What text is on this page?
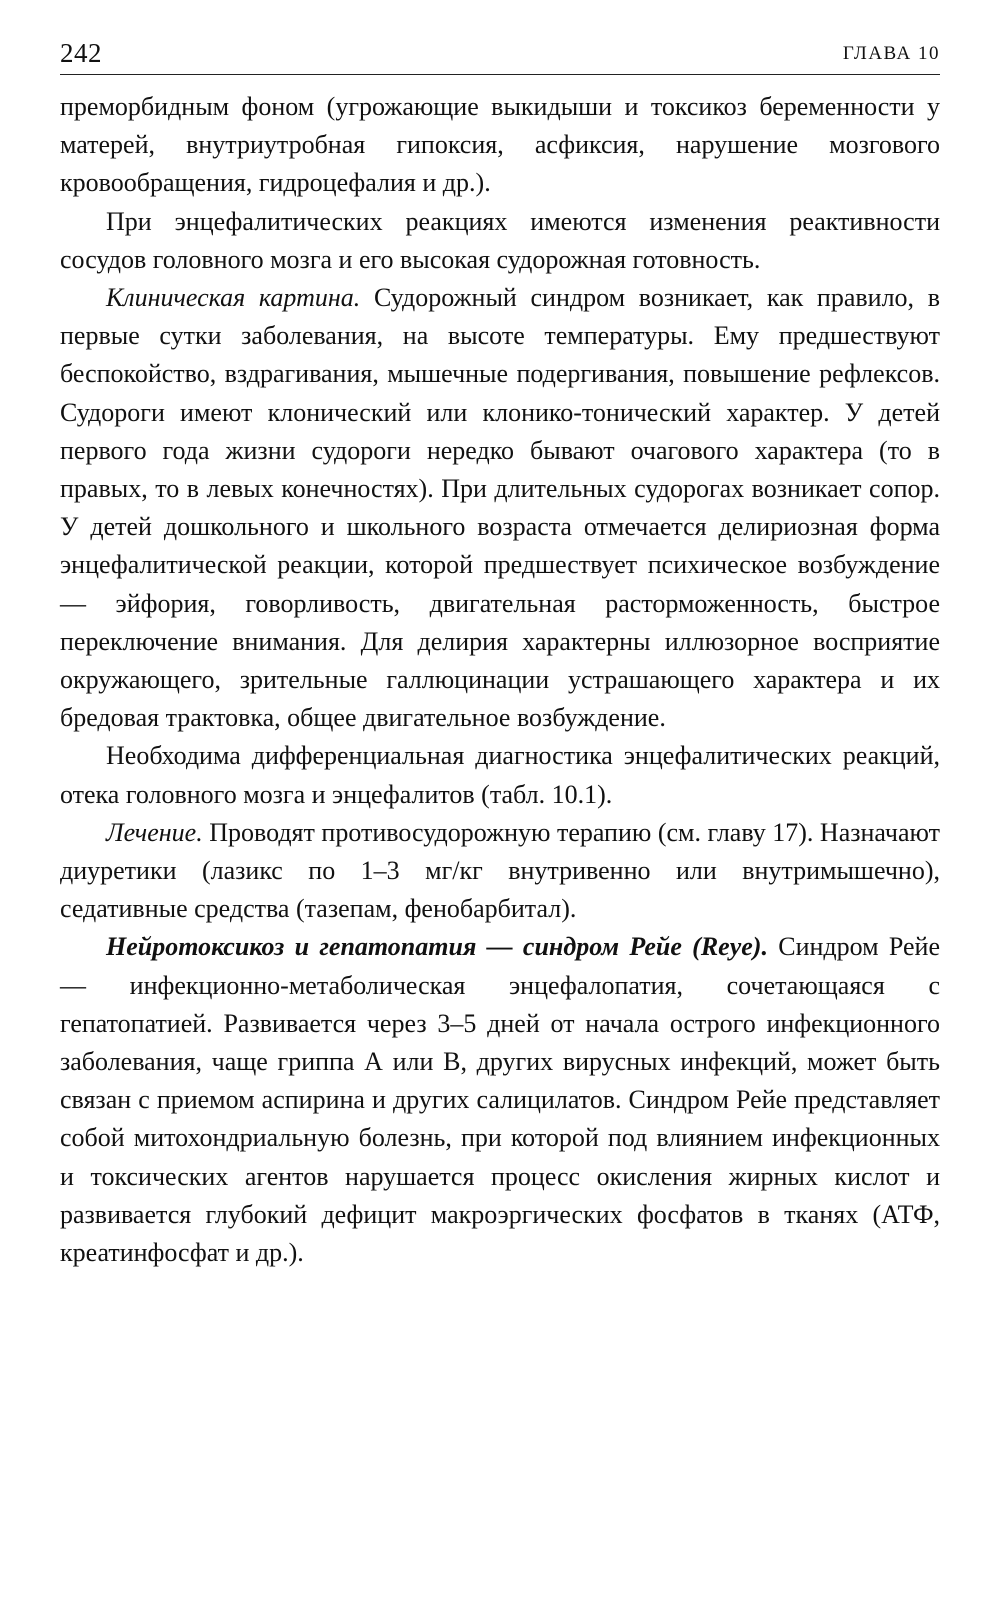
242	ГЛАВА 10

преморбидным фоном (угрожающие выкидыши и токсикоз беременности у матерей, внутриутробная гипоксия, асфиксия, нарушение мозгового кровообращения, гидроцефалия и др.).

При энцефалитических реакциях имеются изменения реактивности сосудов головного мозга и его высокая судорожная готовность.

Клиническая картина. Судорожный синдром возникает, как правило, в первые сутки заболевания, на высоте температуры. Ему предшествуют беспокойство, вздрагивания, мышечные подергивания, повышение рефлексов. Судороги имеют клонический или клонико-тонический характер. У детей первого года жизни судороги нередко бывают очагового характера (то в правых, то в левых конечностях). При длительных судорогах возникает сопор. У детей дошкольного и школьного возраста отмечается делириозная форма энцефалитической реакции, которой предшествует психическое возбуждение — эйфория, говорливость, двигательная расторможенность, быстрое переключение внимания. Для делирия характерны иллюзорное восприятие окружающего, зрительные галлюцинации устрашающего характера и их бредовая трактовка, общее двигательное возбуждение.

Необходима дифференциальная диагностика энцефалитических реакций, отека головного мозга и энцефалитов (табл. 10.1).

Лечение. Проводят противосудорожную терапию (см. главу 17). Назначают диуретики (лазикс по 1–3 мг/кг внутривенно или внутримышечно), седативные средства (тазепам, фенобарбитал).

Нейротоксикоз и гепатопатия — синдром Рейе (Reye). Синдром Рейе — инфекционно-метаболическая энцефалопатия, сочетающаяся с гепатопатией. Развивается через 3–5 дней от начала острого инфекционного заболевания, чаще гриппа А или В, других вирусных инфекций, может быть связан с приемом аспирина и других салицилатов. Синдром Рейе представляет собой митохондриальную болезнь, при которой под влиянием инфекционных и токсических агентов нарушается процесс окисления жирных кислот и развивается глубокий дефицит макроэргических фосфатов в тканях (АТФ, креатинфосфат и др.).
